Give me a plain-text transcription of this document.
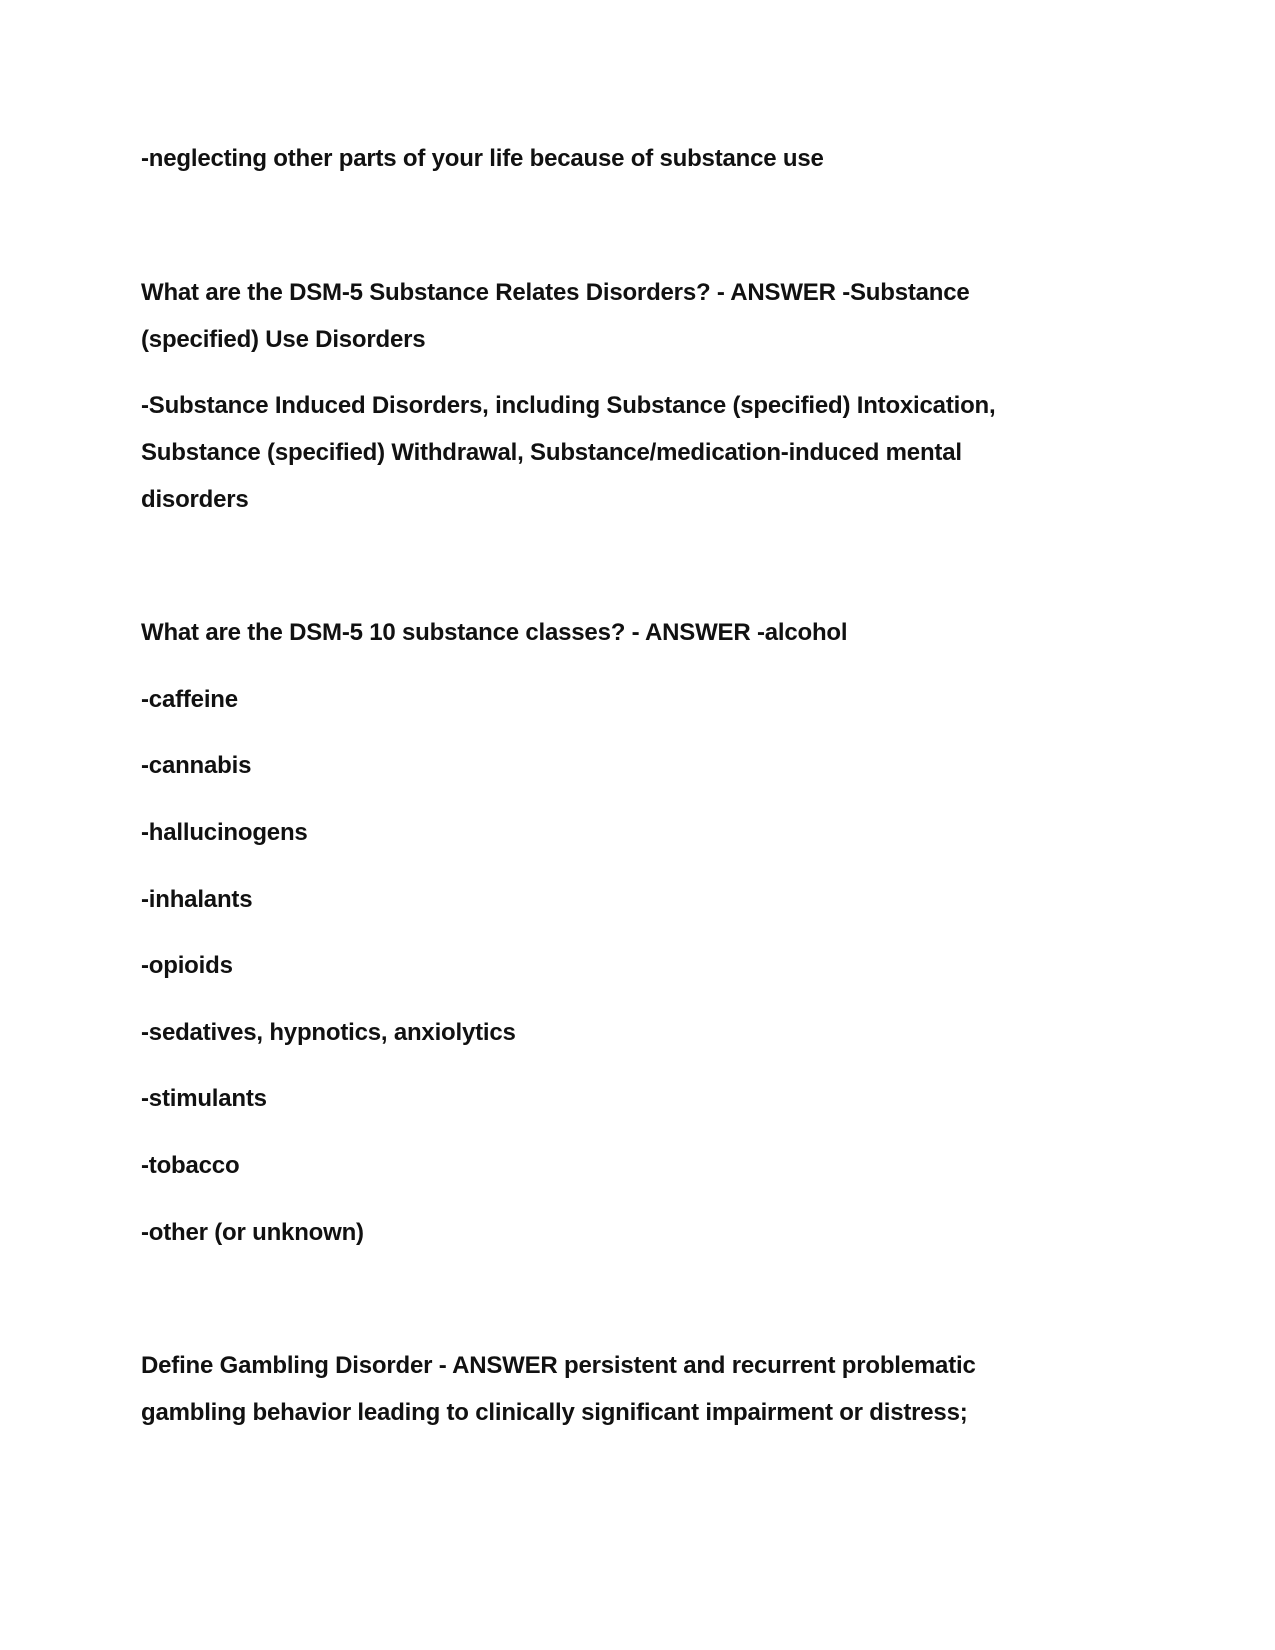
-neglecting other parts of your life because of substance use
What are the DSM-5 Substance Relates Disorders? - ANSWER -Substance
(specified) Use Disorders
-Substance Induced Disorders, including Substance (specified) Intoxication,
Substance (specified) Withdrawal, Substance/medication-induced mental
disorders
What are the DSM-5 10 substance classes? - ANSWER -alcohol
-caffeine
-cannabis
-hallucinogens
-inhalants
-opioids
-sedatives, hypnotics, anxiolytics
-stimulants
-tobacco
-other (or unknown)
Define Gambling Disorder - ANSWER persistent and recurrent problematic
gambling behavior leading to clinically significant impairment or distress;
